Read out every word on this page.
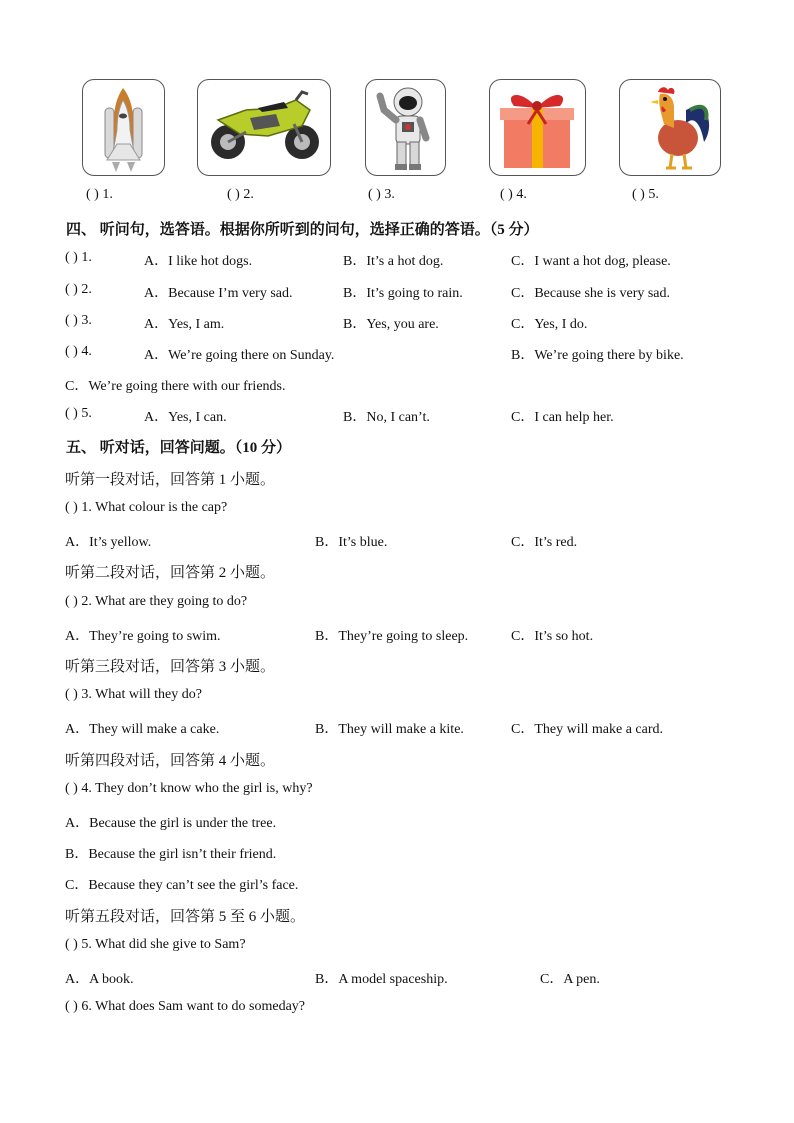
( ) 1.	( ) 2.	( ) 3.	( ) 4.	( ) 5.
四、 听问句，选答语。根据你所听到的问句，选择正确的答语。（5 分）
( ) 1.	A．I like hot dogs.	B．It’s a hot dog.	C．I want a hot dog, please.
( ) 2.	A．Because I’m very sad.	B．It’s going to rain.	C．Because she is very sad.
( ) 3.	A．Yes, I am.	B．Yes, you are.	C．Yes, I do.
( ) 4.	A．We’re going there on Sunday.	B．We’re going there by bike.
C．We’re going there with our friends.
( ) 5.	A．Yes, I can.	B．No, I can’t.	C．I can help her.
五、 听对话，回答问题。（10 分）
听第一段对话，回答第 1 小题。
( ) 1. What colour is the cap?
A．It’s yellow.	B．It’s blue.	C．It’s red.
听第二段对话，回答第 2 小题。
( ) 2. What are they going to do?
A．They’re going to swim.	B．They’re going to sleep.	C．It’s so hot.
听第三段对话，回答第 3 小题。
( ) 3. What will they do?
A．They will make a cake.	B．They will make a kite.	C．They will make a card.
听第四段对话，回答第 4 小题。
( ) 4. They don’t know who the girl is, why?
A．Because the girl is under the tree.
B．Because the girl isn’t their friend.
C．Because they can’t see the girl’s face.
听第五段对话，回答第 5 至 6 小题。
( ) 5. What did she give to Sam?
A．A book.	B．A model spaceship.	C．A pen.
( ) 6. What does Sam want to do someday?
